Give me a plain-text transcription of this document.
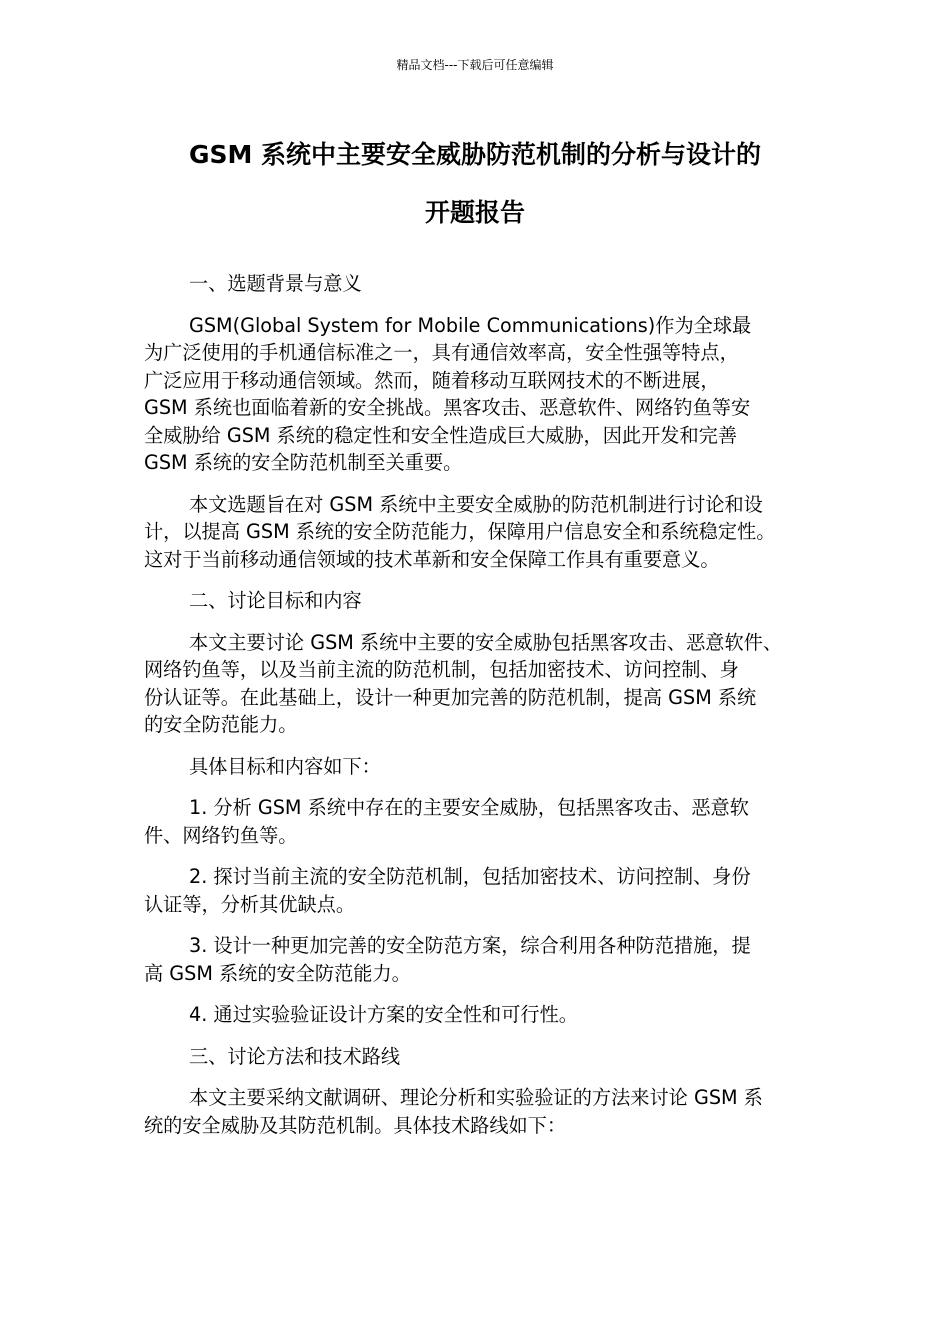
精品文档---下载后可任意编辑
GSM 系统中主要安全威胁防范机制的分析与设计的
开题报告

一、选题背景与意义

GSM(Global System for Mobile Communications)作为全球最
为广泛使用的手机通信标准之一，具有通信效率高，安全性强等特点，
广泛应用于移动通信领域。然而，随着移动互联网技术的不断进展，
GSM 系统也面临着新的安全挑战。黑客攻击、恶意软件、网络钓鱼等安
全威胁给 GSM 系统的稳定性和安全性造成巨大威胁，因此开发和完善
GSM 系统的安全防范机制至关重要。

本文选题旨在对 GSM 系统中主要安全威胁的防范机制进行讨论和设
计，以提高 GSM 系统的安全防范能力，保障用户信息安全和系统稳定性。
这对于当前移动通信领域的技术革新和安全保障工作具有重要意义。

二、讨论目标和内容

本文主要讨论 GSM 系统中主要的安全威胁包括黑客攻击、恶意软件、
网络钓鱼等，以及当前主流的防范机制，包括加密技术、访问控制、身
份认证等。在此基础上，设计一种更加完善的防范机制，提高 GSM 系统
的安全防范能力。

具体目标和内容如下：

1. 分析 GSM 系统中存在的主要安全威胁，包括黑客攻击、恶意软
件、网络钓鱼等。

2. 探讨当前主流的安全防范机制，包括加密技术、访问控制、身份
认证等，分析其优缺点。

3. 设计一种更加完善的安全防范方案，综合利用各种防范措施，提
高 GSM 系统的安全防范能力。

4. 通过实验验证设计方案的安全性和可行性。

三、讨论方法和技术路线

本文主要采纳文献调研、理论分析和实验验证的方法来讨论 GSM 系
统的安全威胁及其防范机制。具体技术路线如下：
